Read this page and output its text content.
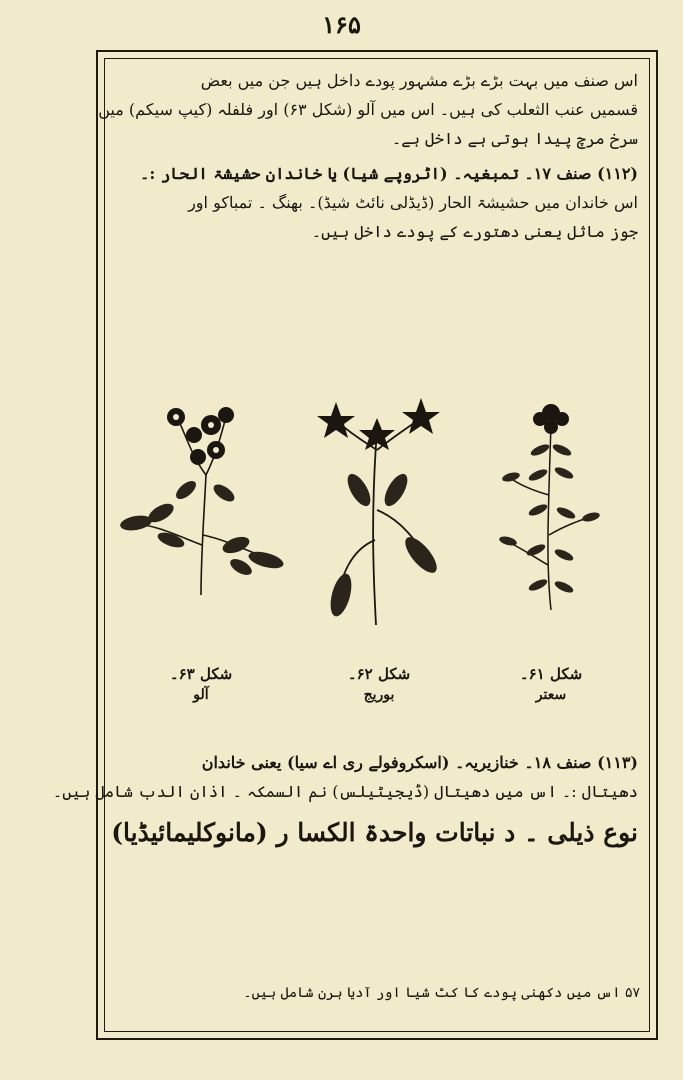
۱۶۵
اس صنف میں بہت بڑے بڑے مشہور پودے داخل ہیں جن میں بعض
قسمیں عنب الثعلب کی ہیں۔ اس میں آلو (شکل ۶۳) اور فلفلہ (کیپ سیکم) میں
سرخ مرچ پیدا ہوتی ہے داخل ہے۔
(۱۱۲) صنف ۱۷۔ تمبغیہ۔ (اٹروپے شیا) یا خاندان حشیشۃ الحار :۔
اس خاندان میں حشیشۃ الحار (ڈیڈلی نائٹ شیڈ)۔ بھنگ ۔ تمباکو اور
جوز ماثل یعنی دھتورے کے پودے داخل ہیں۔
شکل ۶۳۔
آلو
شکل ۶۲۔
بوریج
شکل ۶۱۔
سعتر
(۱۱۳) صنف ۱۸۔ خنازیریہ۔ (اسکروفولے ری اے سیا) یعنی خاندان
دھیتال :۔ اس میں دھیتال (ڈیجیٹیلس) نم السمکہ ۔ اذان الدب شامل ہیں۔
نوع ذیلی ۔ د نباتات واحدۃ الکسا ر (مانوکلیمائیڈیا)
۵۷ اس میں دکھنی پودے کا کٹ شیا اور آدیا ہرن شامل ہیں۔
